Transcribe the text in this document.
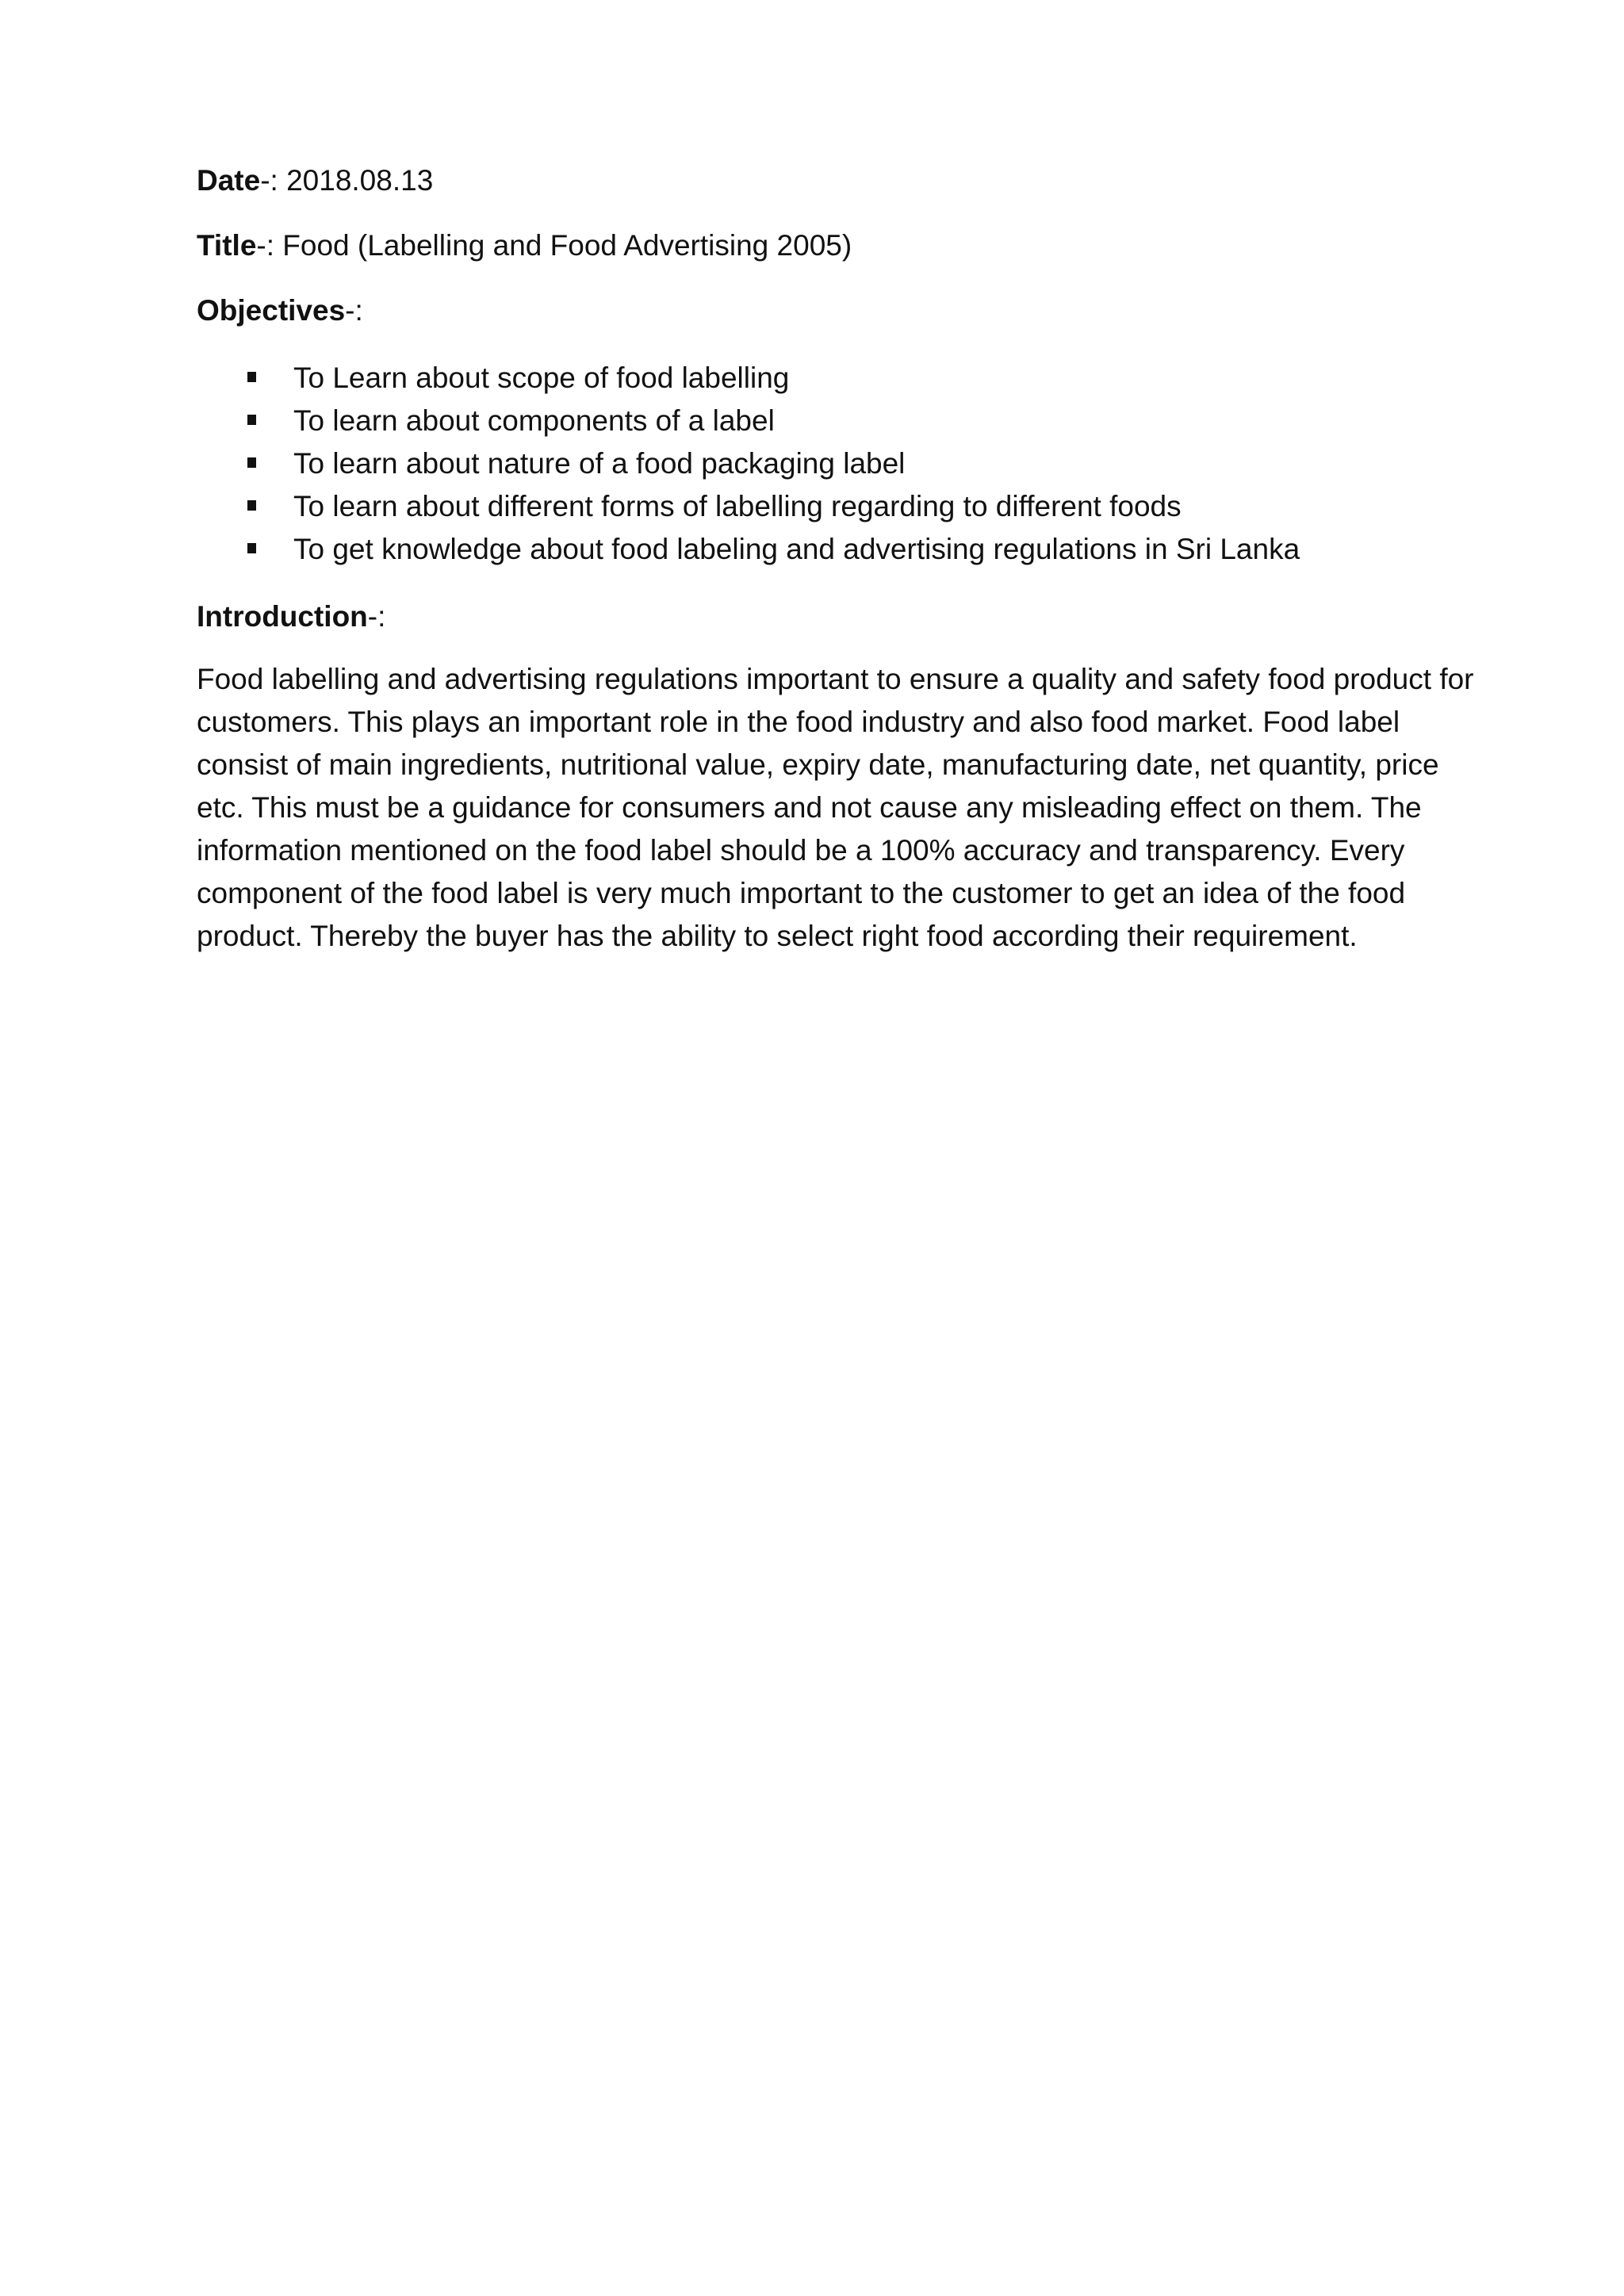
Date-: 2018.08.13

Title-: Food (Labelling and Food Advertising 2005)

Objectives-:

To Learn about scope of food labelling
To learn about components of a label
To learn about nature of a food packaging label
To learn about different forms of labelling regarding to different foods
To get knowledge about food labeling and advertising regulations in Sri Lanka

Introduction-:

Food labelling and advertising regulations important to ensure a quality and safety food product for
customers. This plays an important role in the food industry and also food market. Food label
consist of main ingredients, nutritional value, expiry date, manufacturing date, net quantity, price
etc. This must be a guidance for consumers and not cause any misleading effect on them. The
information mentioned on the food label should be a 100% accuracy and transparency. Every
component of the food label is very much important to the customer to get an idea of the food
product. Thereby the buyer has the ability to select right food according their requirement.
